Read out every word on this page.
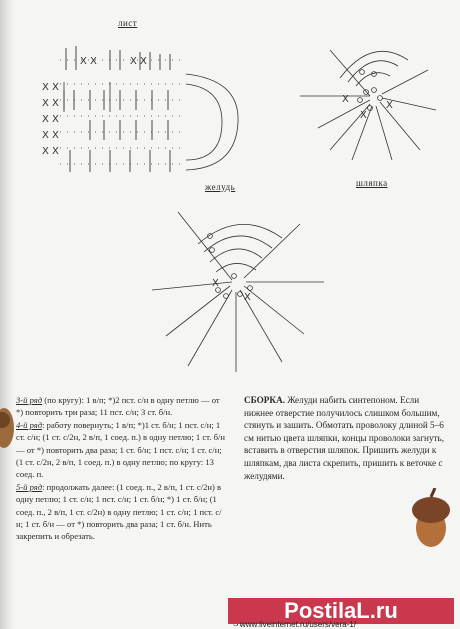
X X
X X
X X
X X
X X
X X	X X
X
X
X
X
X
лист
желудь	шляпка

3-й ряд (по кругу): 1 в/п; *)2 пст. с/н в одну петлю — от *) повторить три раза; 11 пст. с/н; 3 ст. б/н.

4-й ряд: работу повернуть; 1 в/п; *)1 ст. б/н; 1 пст. с/н; 1 ст. с/н; (1 ст. с/2н, 2 в/п, 1 соед. п.) в одну петлю; 1 ст. б/н — от *) повторить два раза; 1 ст. б/н; 1 пст. с/н; 1 ст. с/н; (1 ст. с/2н, 2 в/п, 1 соед. п.) в одну петлю; по кругу: 13 соед. п.

5-й ряд: продолжать далее: (1 соед. п., 2 в/п, 1 ст. с/2н) в одну петлю; 1 ст. с/н; 1 пст. с/н; 1 ст. б/н; *) 1 ст. б/н; (1 соед. п., 2 в/п, 1 ст. с/2н) в одну петлю; 1 ст. с/н; 1 пст. с/н; 1 ст. б/н — от *) повторить два раза; 1 ст. б/н. Нить закрепить и обрезать.

СБОРКА. Желуди набить синтепоном. Если нижнее отверстие получилось слишком большим, стянуть и зашить. Обмотать проволоку длиной 5–6 см нитью цвета шляпки, концы проволоки загнуть, вставить в отверстия шляпок. Пришить желуди к шляпкам, два листа скрепить, пришить к веточке с желудями.
PostilaL.ru
www.liveinternet.ru/users/vera-1/
